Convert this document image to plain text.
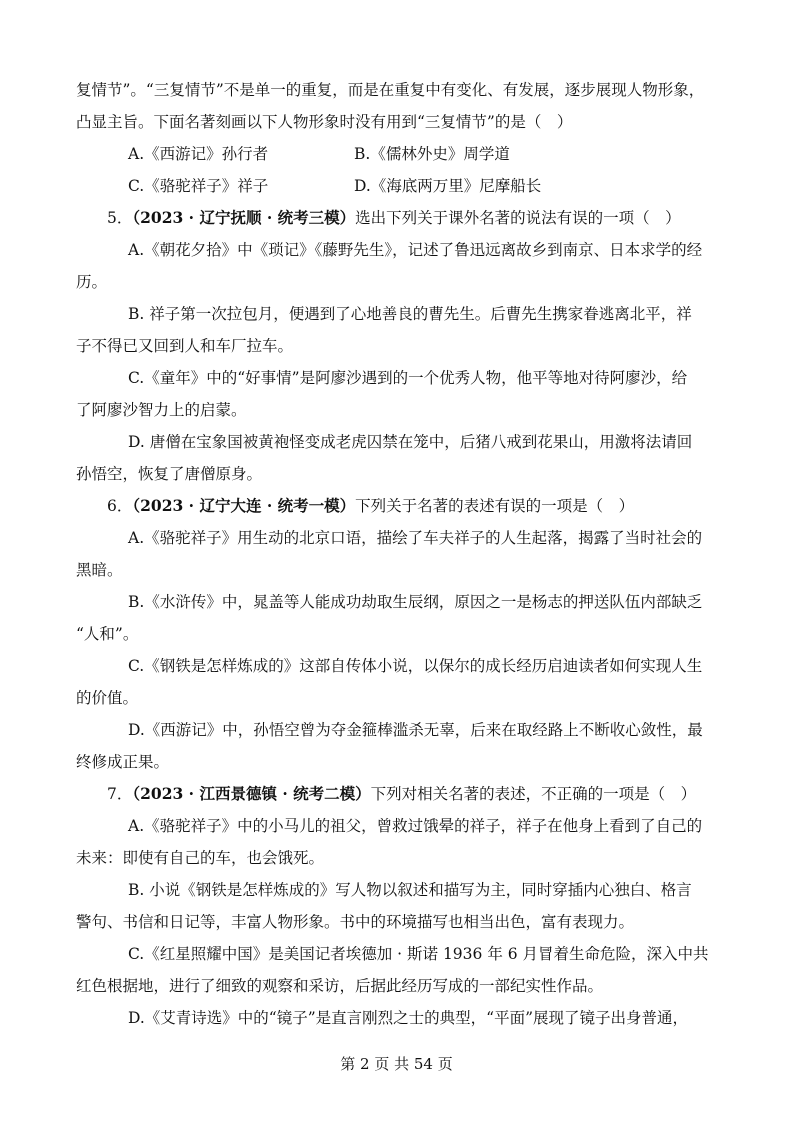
复情节”。“三复情节”不是单一的重复，而是在重复中有变化、有发展，逐步展现人物形象，
凸显主旨。下面名著刻画以下人物形象时没有用到“三复情节”的是（　）
A.《西游记》孙行者	B.《儒林外史》周学道
C.《骆驼祥子》祥子	D.《海底两万里》尼摩船长
5．（2023 · 辽宁抚顺 · 统考三模）选出下列关于课外名著的说法有误的一项（　）
A.《朝花夕拾》中《琐记》《藤野先生》，记述了鲁迅远离故乡到南京、日本求学的经
历。
B. 祥子第一次拉包月，便遇到了心地善良的曹先生。后曹先生携家眷逃离北平，祥
子不得已又回到人和车厂拉车。
C.《童年》中的“好事情”是阿廖沙遇到的一个优秀人物，他平等地对待阿廖沙，给
了阿廖沙智力上的启蒙。
D. 唐僧在宝象国被黄袍怪变成老虎囚禁在笼中，后猪八戒到花果山，用激将法请回
孙悟空，恢复了唐僧原身。
6．（2023 · 辽宁大连 · 统考一模）下列关于名著的表述有误的一项是（　）
A.《骆驼祥子》用生动的北京口语，描绘了车夫祥子的人生起落，揭露了当时社会的
黑暗。
B.《水浒传》中，晁盖等人能成功劫取生辰纲，原因之一是杨志的押送队伍内部缺乏
“人和”。
C.《钢铁是怎样炼成的》这部自传体小说，以保尔的成长经历启迪读者如何实现人生
的价值。
D.《西游记》中，孙悟空曾为夺金箍棒滥杀无辜，后来在取经路上不断收心敛性，最
终修成正果。
7．（2023 · 江西景德镇 · 统考二模）下列对相关名著的表述，不正确的一项是（　）
A.《骆驼祥子》中的小马儿的祖父，曾救过饿晕的祥子，祥子在他身上看到了自己的
未来：即使有自己的车，也会饿死。
B. 小说《钢铁是怎样炼成的》写人物以叙述和描写为主，同时穿插内心独白、格言
警句、书信和日记等，丰富人物形象。书中的环境描写也相当出色，富有表现力。
C.《红星照耀中国》是美国记者埃德加 · 斯诺 1936 年 6 月冒着生命危险，深入中共
红色根据地，进行了细致的观察和采访，后据此经历写成的一部纪实性作品。
D.《艾青诗选》中的“镜子”是直言刚烈之士的典型，“平面”展现了镜子出身普通，
第 2 页 共 54 页
